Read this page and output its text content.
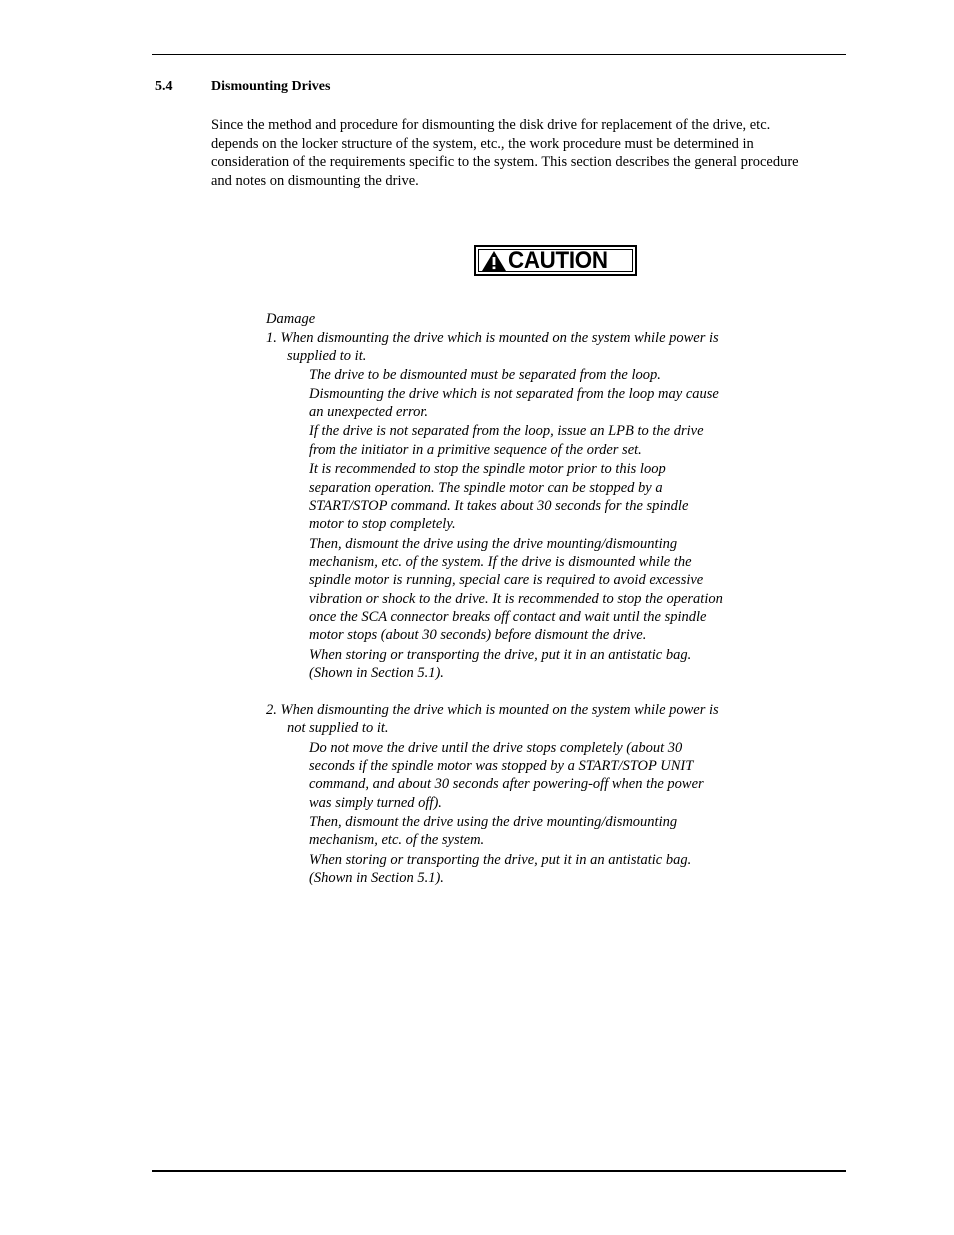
5.4	Dismounting Drives
Since the method and procedure for dismounting the disk drive for replacement of the drive, etc. depends on the locker structure of the system, etc., the work procedure must be determined in consideration of the requirements specific to the system. This section describes the general procedure and notes on dismounting the drive.
CAUTION
Damage
1. When dismounting the drive which is mounted on the system while power is
supplied to it.
The drive to be dismounted must be separated from the loop.
Dismounting the drive which is not separated from the loop may cause
an unexpected error.
If the drive is not separated from the loop, issue an LPB to the drive
from the initiator in a primitive sequence of the order set.
It is recommended to stop the spindle motor prior to this loop
separation operation. The spindle motor can be stopped by a
START/STOP command. It takes about 30 seconds for the spindle
motor to stop completely.
Then, dismount the drive using the drive mounting/dismounting
mechanism, etc. of the system. If the drive is dismounted while the
spindle motor is running, special care is required to avoid excessive
vibration or shock to the drive. It is recommended to stop the operation
once the SCA connector breaks off contact and wait until the spindle
motor stops (about 30 seconds) before dismount the drive.
When storing or transporting the drive, put it in an antistatic bag.
(Shown in Section 5.1).
2. When dismounting the drive which is mounted on the system while power is
not supplied to it.
Do not move the drive until the drive stops completely (about 30
seconds if the spindle motor was stopped by a START/STOP UNIT
command, and about 30 seconds after powering-off when the power
was simply turned off).
Then, dismount the drive using the drive mounting/dismounting
mechanism, etc. of the system.
When storing or transporting the drive, put it in an antistatic bag.
(Shown in Section 5.1).
